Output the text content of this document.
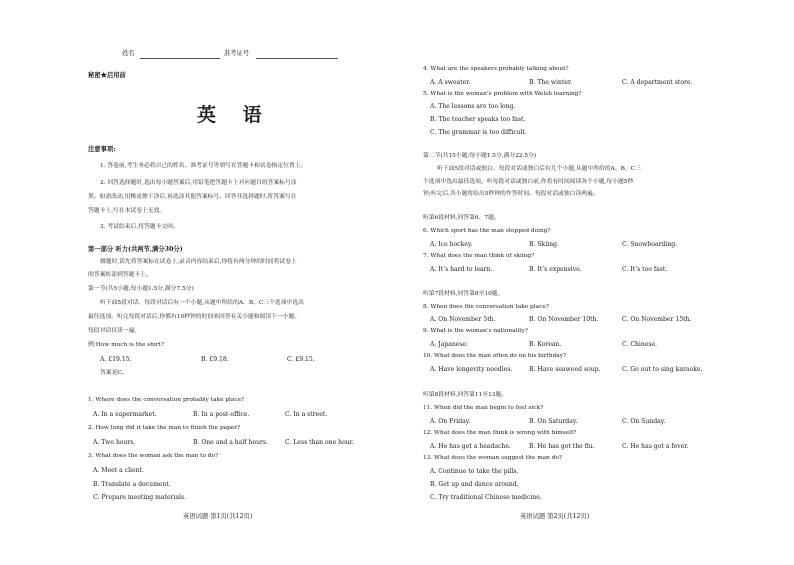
姓名	准考证号
秘密★启用前
英 语
注意事项:
1. 答卷前,考生务必将自己的姓名、准考证号等填写在答题卡和试卷指定位置上。
2. 回答选择题时,选出每小题答案后,用铅笔把答题卡上对应题目的答案标号涂
黑。如需改动,用橡皮擦干净后,再选涂其他答案标号。回答非选择题时,将答案写在
答题卡上,写在本试卷上无效。
3. 考试结束后,将答题卡交回。
第一部分 听力(共两节,满分30分)
做题时,请先将答案标在试卷上,录音内容结束后,你将有两分钟的时间将试卷上
的答案转涂到答题卡上。
第一节(共5小题;每小题1.5分,满分7.5分)
听下面5段对话。每段对话后有一个小题,从题中所给的A、B、C三个选项中选出
最佳选项。听完每段对话后,你都有10秒钟的时间来回答有关小题和阅读下一小题。
每段对话仅读一遍。
例:How much is the shirt?
A. £19.15.	B. £9.18.	C. £9.15.
答案是C。
1. Where does the conversation probably take place?
A. In a supermarket.	B. In a post-office.	C. In a street.
2. How long did it take the man to finish the paper?
A. Two hours.	B. One and a half hours.	C. Less than one hour.
3. What does the woman ask the man to do?
A. Meet a client.
B. Translate a document.
C. Prepare meeting materials.
英语试题 第1页(共12页)
4. What are the speakers probably talking about?
A. A sweater.	B. The winter.	C. A department store.
5. What is the woman’s problem with Welsh learning?
A. The lessons are too long.
B. The teacher speaks too fast.
C. The grammar is too difficult.
第二节(共15小题;每小题1.5分,满分22.5分)
听下面5段对话或独白。每段对话或独白后有几个小题,从题中所给的A、B、C三
个选项中选出最佳选项。听每段对话或独白前,你将有时间阅读各个小题,每小题5秒
钟;听完后,各小题将给出5秒钟的作答时间。每段对话或独白读两遍。
听第6段材料,回答第6、7题。
6. Which sport has the man stopped doing?
A. Ice hockey.	B. Skiing.	C. Snowboarding.
7. What does the man think of skiing?
A. It’s hard to learn.	B. It’s expensive.	C. It’s too fast.
听第7段材料,回答第8至10题。
8. When does the conversation take place?
A. On November 5th.	B. On November 10th.	C. On November 15th.
9. What is the woman’s nationality?
A. Japanese.	B. Korean.	C. Chinese.
10. What does the man often do on his birthday?
A. Have longevity noodles.	B. Have seaweed soup.	C. Go out to sing karaoke.
听第8段材料,回答第11至13题。
11. When did the man begin to feel sick?
A. On Friday.	B. On Saturday.	C. On Sunday.
12. What does the man think is wrong with himself?
A. He has got a headache.	B. He has got the flu.	C. He has got a fever.
13. What does the woman suggest the man do?
A. Continue to take the pills.
B. Get up and dance around.
C. Try traditional Chinese medicine.
英语试题 第2页(共12页)
